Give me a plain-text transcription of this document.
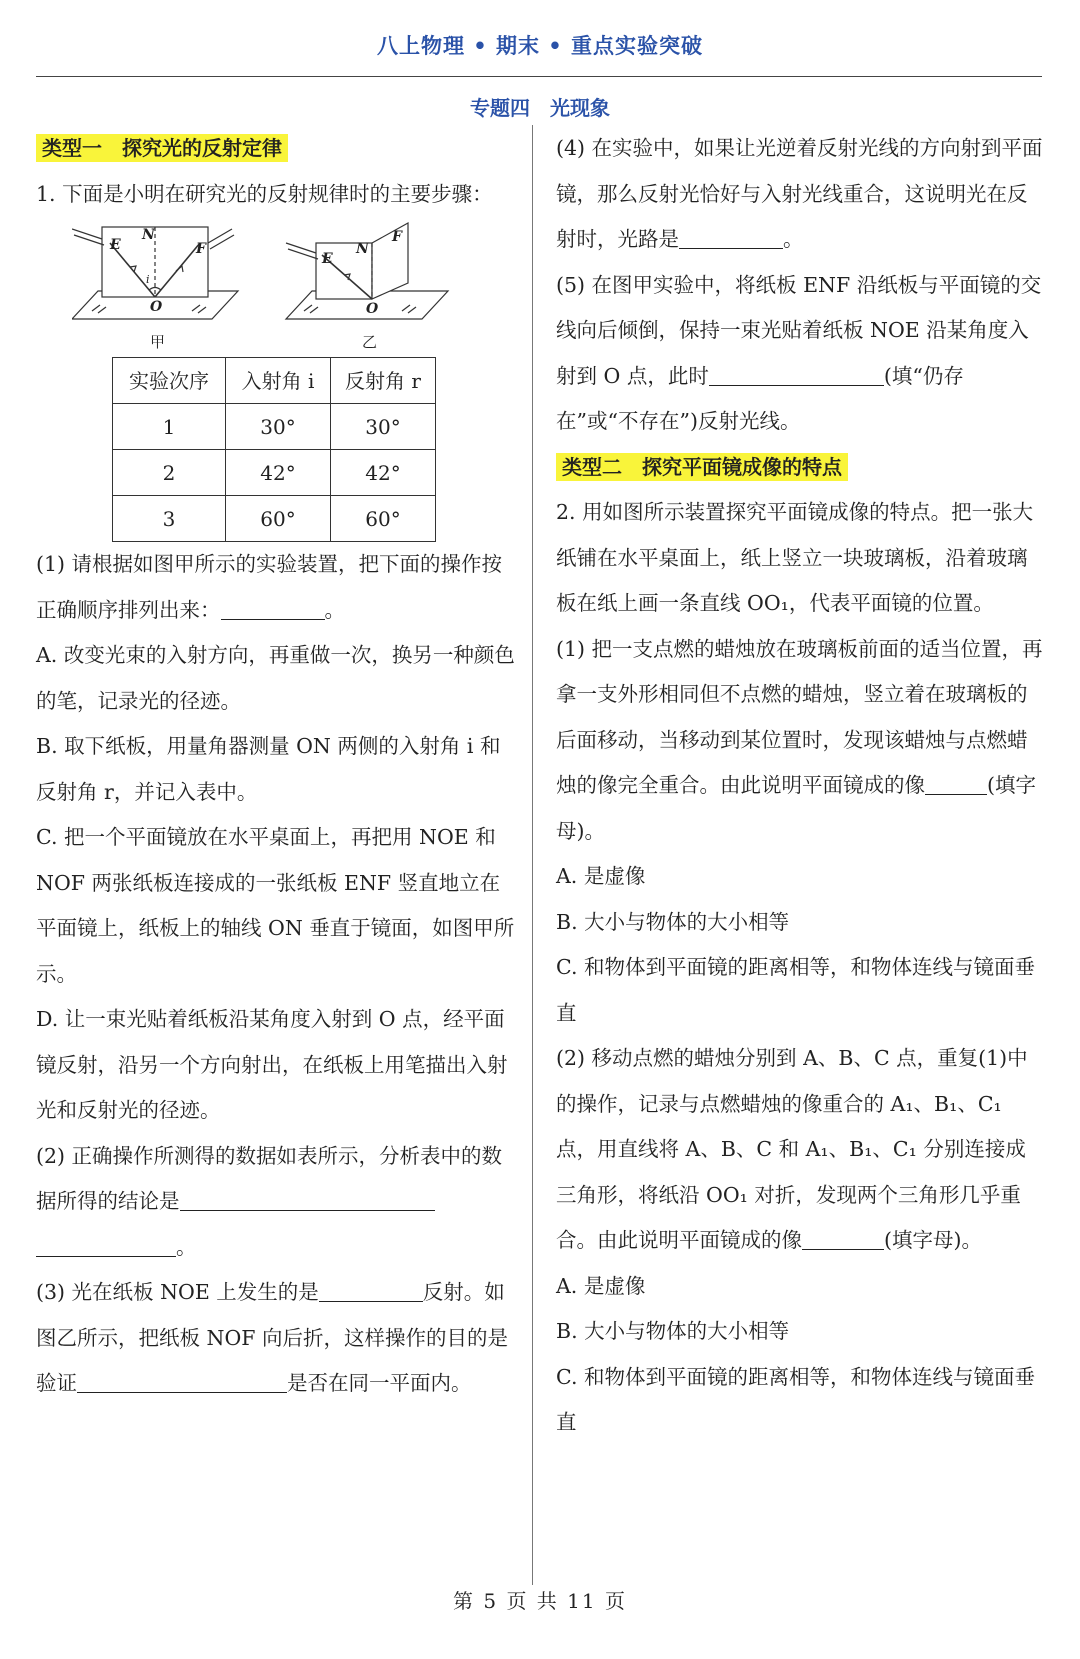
八上物理 • 期末 • 重点实验突破
专题四　光现象

类型一　探究光的反射定律

1. 下面是小明在研究光的反射规律时的主要步骤：

E
N
F
i
O
甲
E
N
F
O
乙
实验次序	入射角 i	反射角 r
1	30°	30°
2	42°	42°
3	60°	60°

(1) 请根据如图甲所示的实验装置，把下面的操作按正确顺序排列出来：	。

A. 改变光束的入射方向，再重做一次，换另一种颜色的笔，记录光的径迹。

B. 取下纸板，用量角器测量 ON 两侧的入射角 i 和反射角 r，并记入表中。

C. 把一个平面镜放在水平桌面上，再把用 NOE 和 NOF 两张纸板连接成的一张纸板 ENF 竖直地立在平面镜上，纸板上的轴线 ON 垂直于镜面，如图甲所示。

D. 让一束光贴着纸板沿某角度入射到 O 点，经平面镜反射，沿另一个方向射出，在纸板上用笔描出入射光和反射光的径迹。

(2) 正确操作所测得的数据如表所示，分析表中的数据所得的结论是。

(3) 光在纸板 NOE 上发生的是	反射。如图乙所示，把纸板 NOF 向后折，这样操作的目的是验证	是否在同一平面内。

(4) 在实验中，如果让光逆着反射光线的方向射到平面镜，那么反射光恰好与入射光线重合，这说明光在反射时，光路是	。

(5) 在图甲实验中，将纸板 ENF 沿纸板与平面镜的交线向后倾倒，保持一束光贴着纸板 NOE 沿某角度入射到 O 点，此时	(填“仍存在”或“不存在”)反射光线。

类型二　探究平面镜成像的特点

2. 用如图所示装置探究平面镜成像的特点。把一张大纸铺在水平桌面上，纸上竖立一块玻璃板，沿着玻璃板在纸上画一条直线 OO₁，代表平面镜的位置。

(1) 把一支点燃的蜡烛放在玻璃板前面的适当位置，再拿一支外形相同但不点燃的蜡烛，竖立着在玻璃板的后面移动，当移动到某位置时，发现该蜡烛与点燃蜡烛的像完全重合。由此说明平面镜成的像	(填字母)。

A. 是虚像

B. 大小与物体的大小相等

C. 和物体到平面镜的距离相等，和物体连线与镜面垂直

(2) 移动点燃的蜡烛分别到 A、B、C 点，重复(1)中的操作，记录与点燃蜡烛的像重合的 A₁、B₁、C₁ 点，用直线将 A、B、C 和 A₁、B₁、C₁ 分别连接成三角形，将纸沿 OO₁ 对折，发现两个三角形几乎重合。由此说明平面镜成的像	(填字母)。

A. 是虚像

B. 大小与物体的大小相等

C. 和物体到平面镜的距离相等，和物体连线与镜面垂直

第 5 页 共 11 页
